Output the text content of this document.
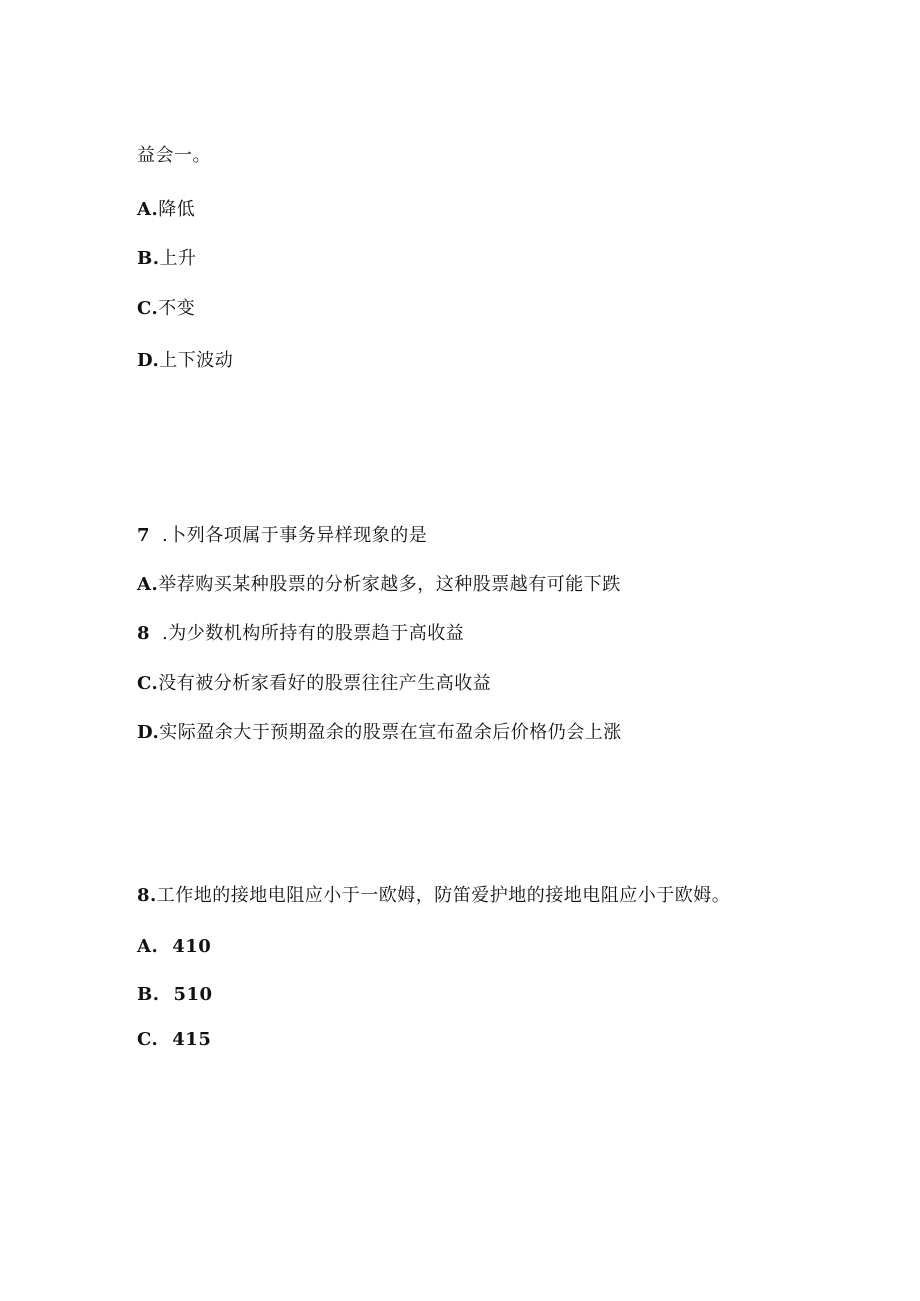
益会一。
A.降低
B.上升
C.不变
D.上下波动
7 .卜列各项属于事务异样现象的是
A.举荐购买某种股票的分析家越多，这种股票越有可能下跌
8 .为少数机构所持有的股票趋于高收益
C.没有被分析家看好的股票往往产生高收益
D.实际盈余大于预期盈余的股票在宣布盈余后价格仍会上涨
8.工作地的接地电阻应小于一欧姆，防笛爱护地的接地电阻应小于欧姆。
A. 410
B. 510
C. 415
